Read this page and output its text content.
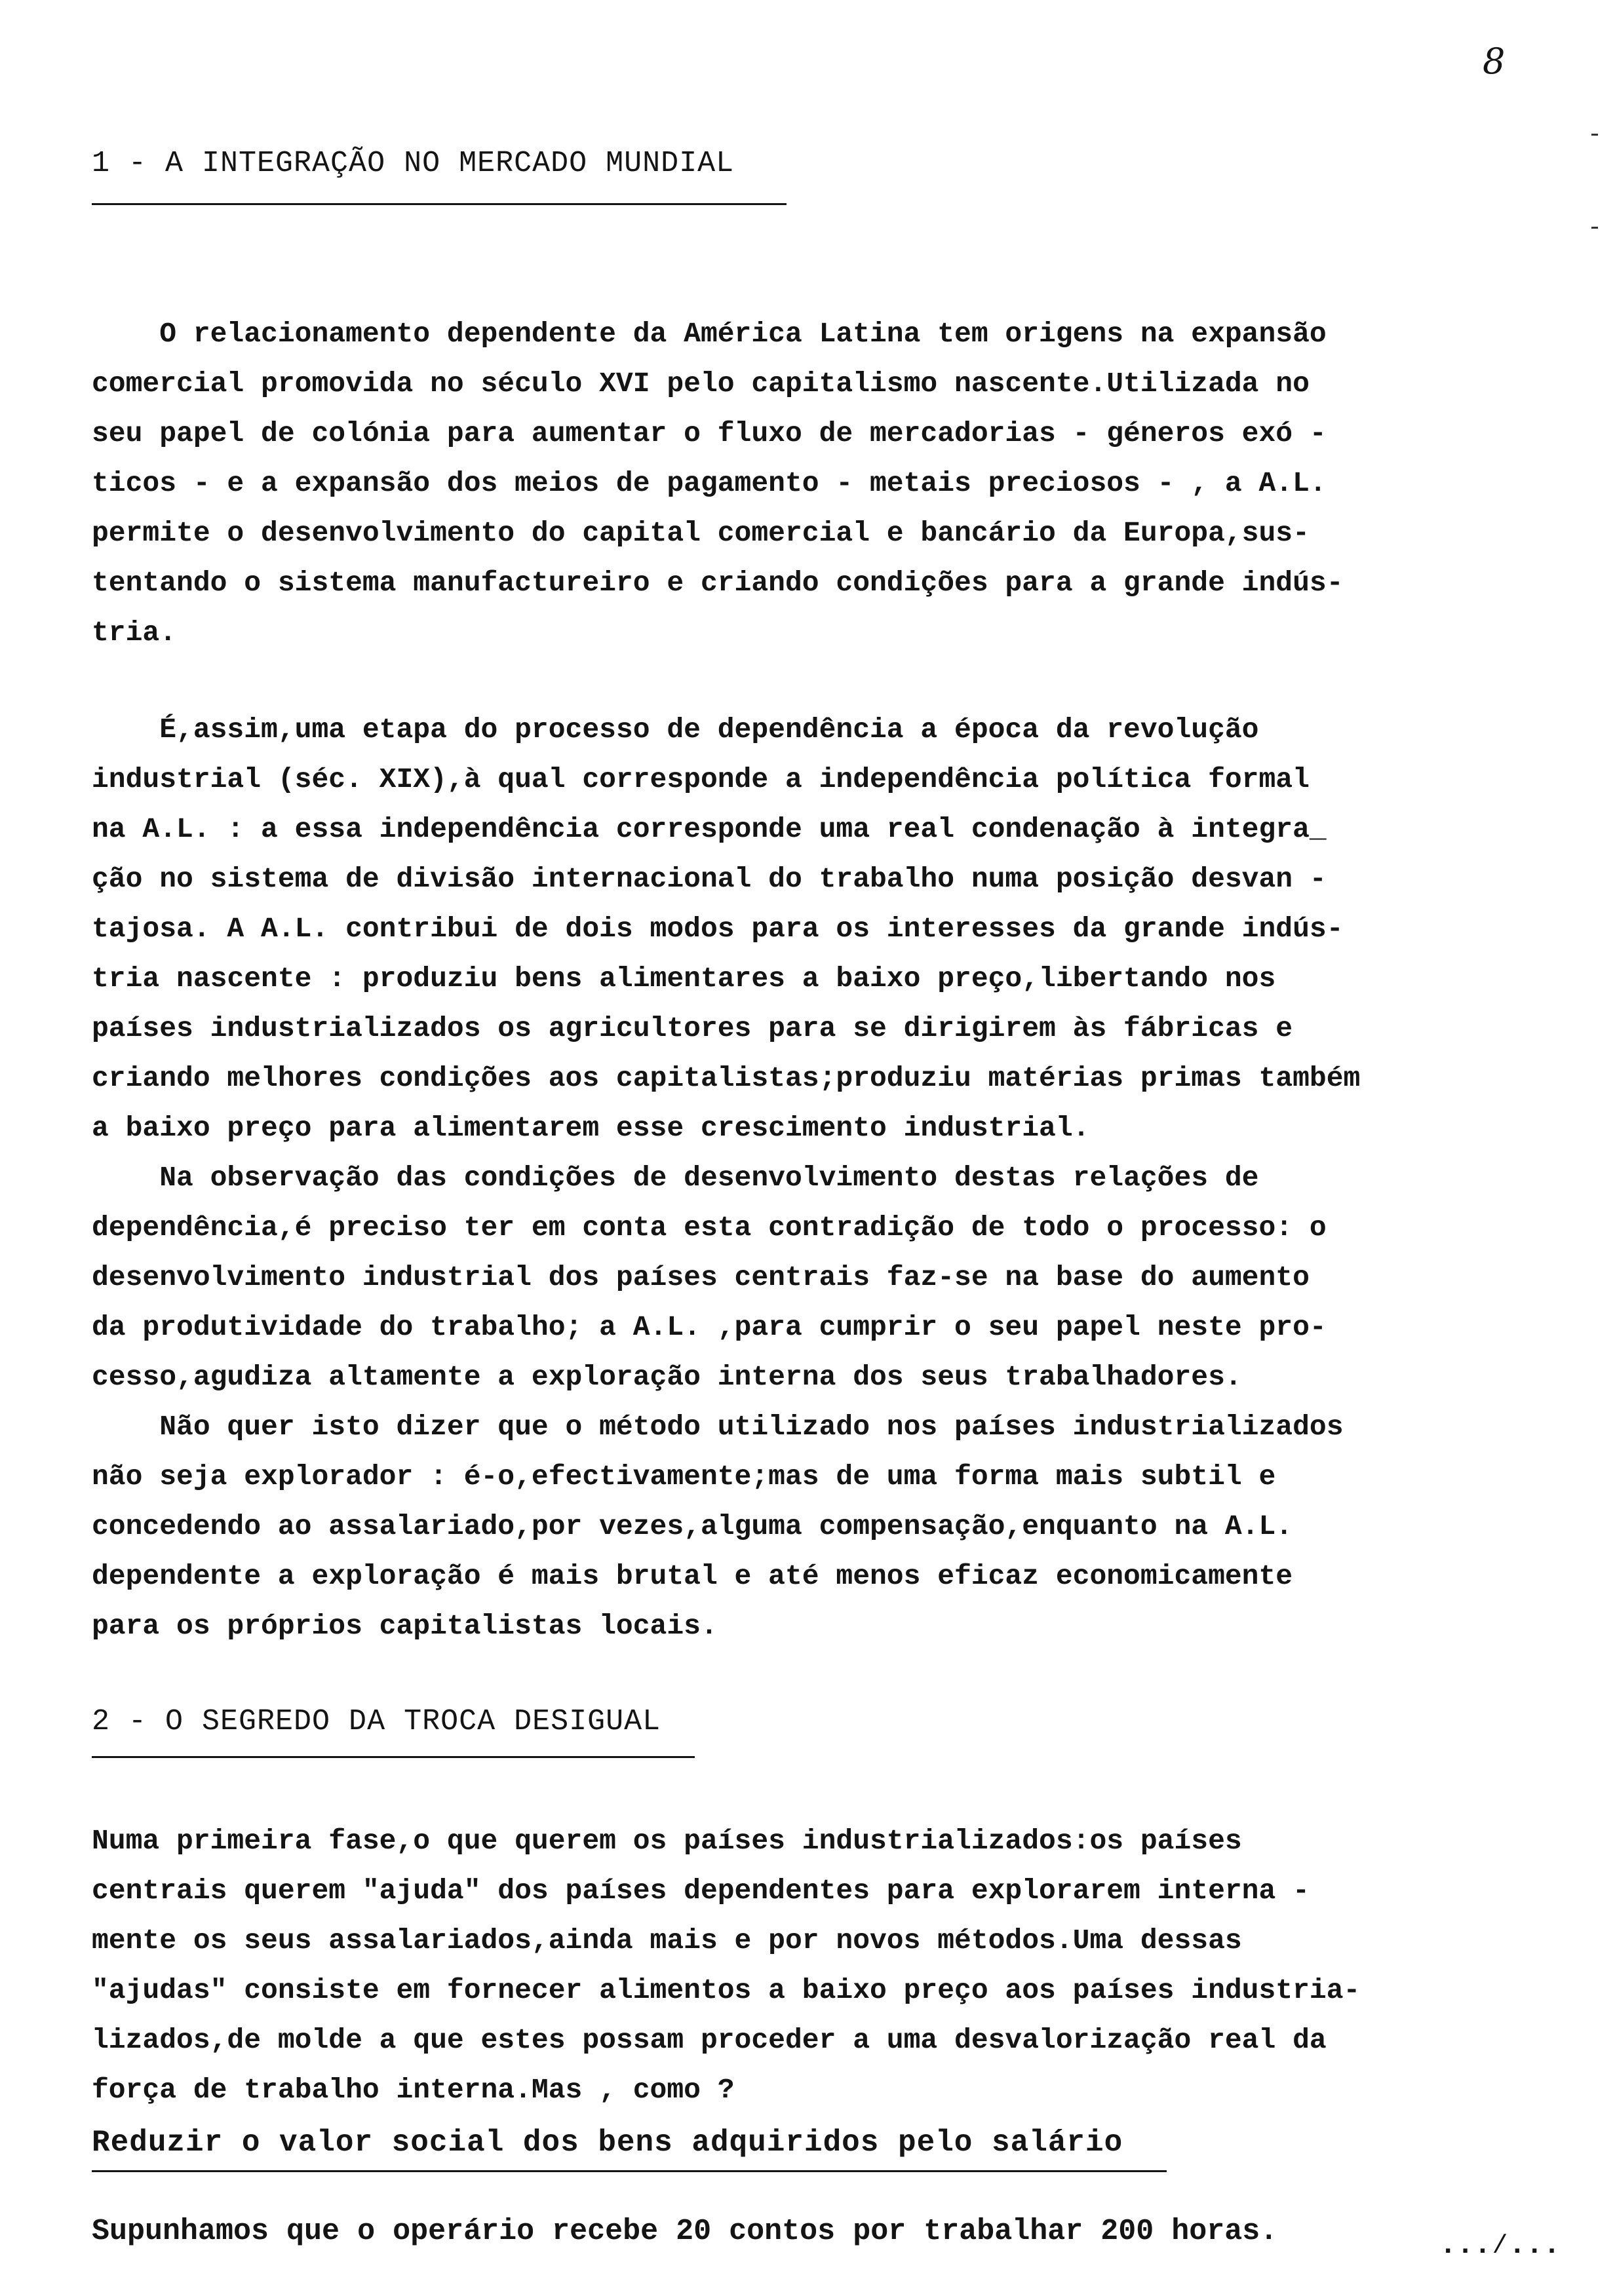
8
1 - A INTEGRAÇÃO NO MERCADO MUNDIAL
O relacionamento dependente da América Latina tem origens na expansão
comercial promovida no século XVI pelo capitalismo nascente.Utilizada no
seu papel de colónia para aumentar o fluxo de mercadorias - géneros exó -
ticos - e a expansão dos meios de pagamento - metais preciosos - , a A.L.
permite o desenvolvimento do capital comercial e bancário da Europa,sus-
tentando o sistema manufactureiro e criando condições para a grande indús-
tria.
É,assim,uma etapa do processo de dependência a época da revolução
industrial (séc. XIX),à qual corresponde a independência política formal
na A.L. : a essa independência corresponde uma real condenação à integra_
ção no sistema de divisão internacional do trabalho numa posição desvan -
tajosa. A A.L. contribui de dois modos para os interesses da grande indús-
tria nascente : produziu bens alimentares a baixo preço,libertando nos
países industrializados os agricultores para se dirigirem às fábricas e
criando melhores condições aos capitalistas;produziu matérias primas também
a baixo preço para alimentarem esse crescimento industrial.
Na observação das condições de desenvolvimento destas relações de
dependência,é preciso ter em conta esta contradição de todo o processo: o
desenvolvimento industrial dos países centrais faz-se na base do aumento
da produtividade do trabalho; a A.L. ,para cumprir o seu papel neste pro-
cesso,agudiza altamente a exploração interna dos seus trabalhadores.
Não quer isto dizer que o método utilizado nos países industrializados
não seja explorador : é-o,efectivamente;mas de uma forma mais subtil e
concedendo ao assalariado,por vezes,alguma compensação,enquanto na A.L.
dependente a exploração é mais brutal e até menos eficaz economicamente
para os próprios capitalistas locais.
2 - O SEGREDO DA TROCA DESIGUAL
Numa primeira fase,o que querem os países industrializados:os países
centrais querem "ajuda" dos países dependentes para explorarem interna -
mente os seus assalariados,ainda mais e por novos métodos.Uma dessas
"ajudas" consiste em fornecer alimentos a baixo preço aos países industria-
lizados,de molde a que estes possam proceder a uma desvalorização real da
força de trabalho interna.Mas , como ?
Reduzir o valor social dos bens adquiridos pelo salário
Supunhamos que o operário recebe 20 contos por trabalhar 200 horas.	...⁄...
